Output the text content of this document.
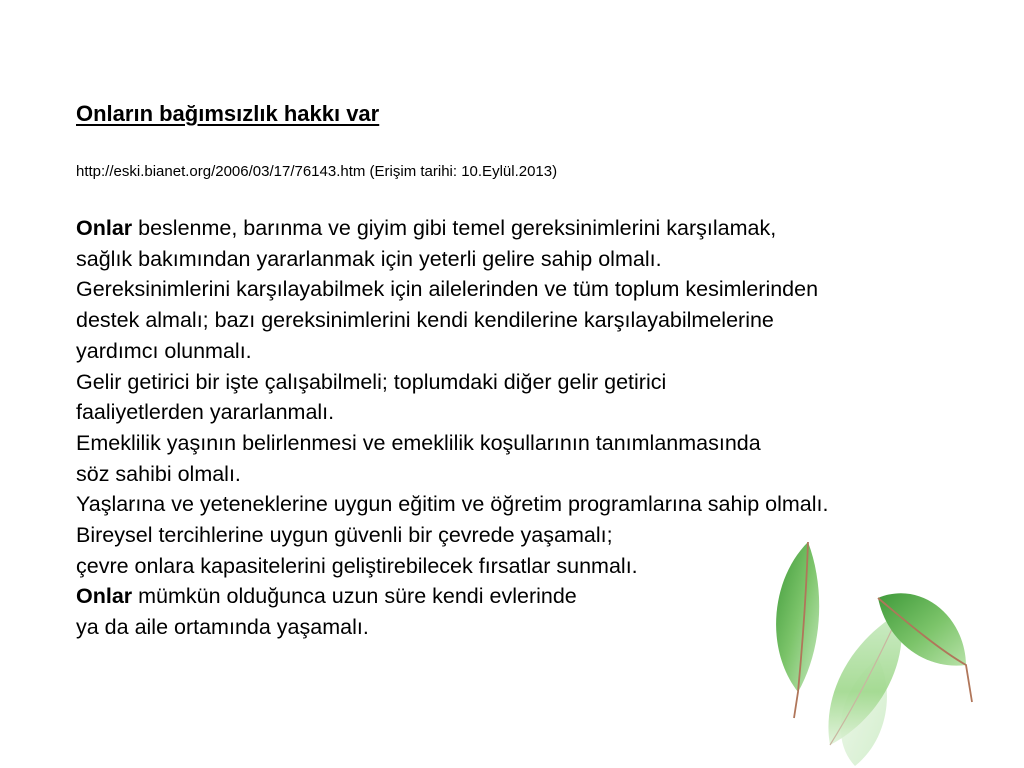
Onların bağımsızlık hakkı var
http://eski.bianet.org/2006/03/17/76143.htm (Erişim tarihi: 10.Eylül.2013)
Onlar beslenme, barınma ve giyim gibi temel gereksinimlerini karşılamak,
sağlık bakımından yararlanmak için yeterli gelire sahip olmalı.
Gereksinimlerini karşılayabilmek için ailelerinden ve tüm toplum kesimlerinden
destek almalı; bazı gereksinimlerini kendi kendilerine karşılayabilmelerine
yardımcı olunmalı.
Gelir getirici bir işte çalışabilmeli; toplumdaki diğer gelir getirici
faaliyetlerden yararlanmalı.
Emeklilik yaşının belirlenmesi ve emeklilik koşullarının tanımlanmasında
söz sahibi olmalı.
Yaşlarına ve yeteneklerine uygun eğitim ve öğretim programlarına sahip olmalı.
Bireysel tercihlerine uygun güvenli bir çevrede yaşamalı;
çevre onlara kapasitelerini geliştirebilecek fırsatlar sunmalı.
Onlar mümkün olduğunca uzun süre kendi evlerinde
ya da aile ortamında yaşamalı.
